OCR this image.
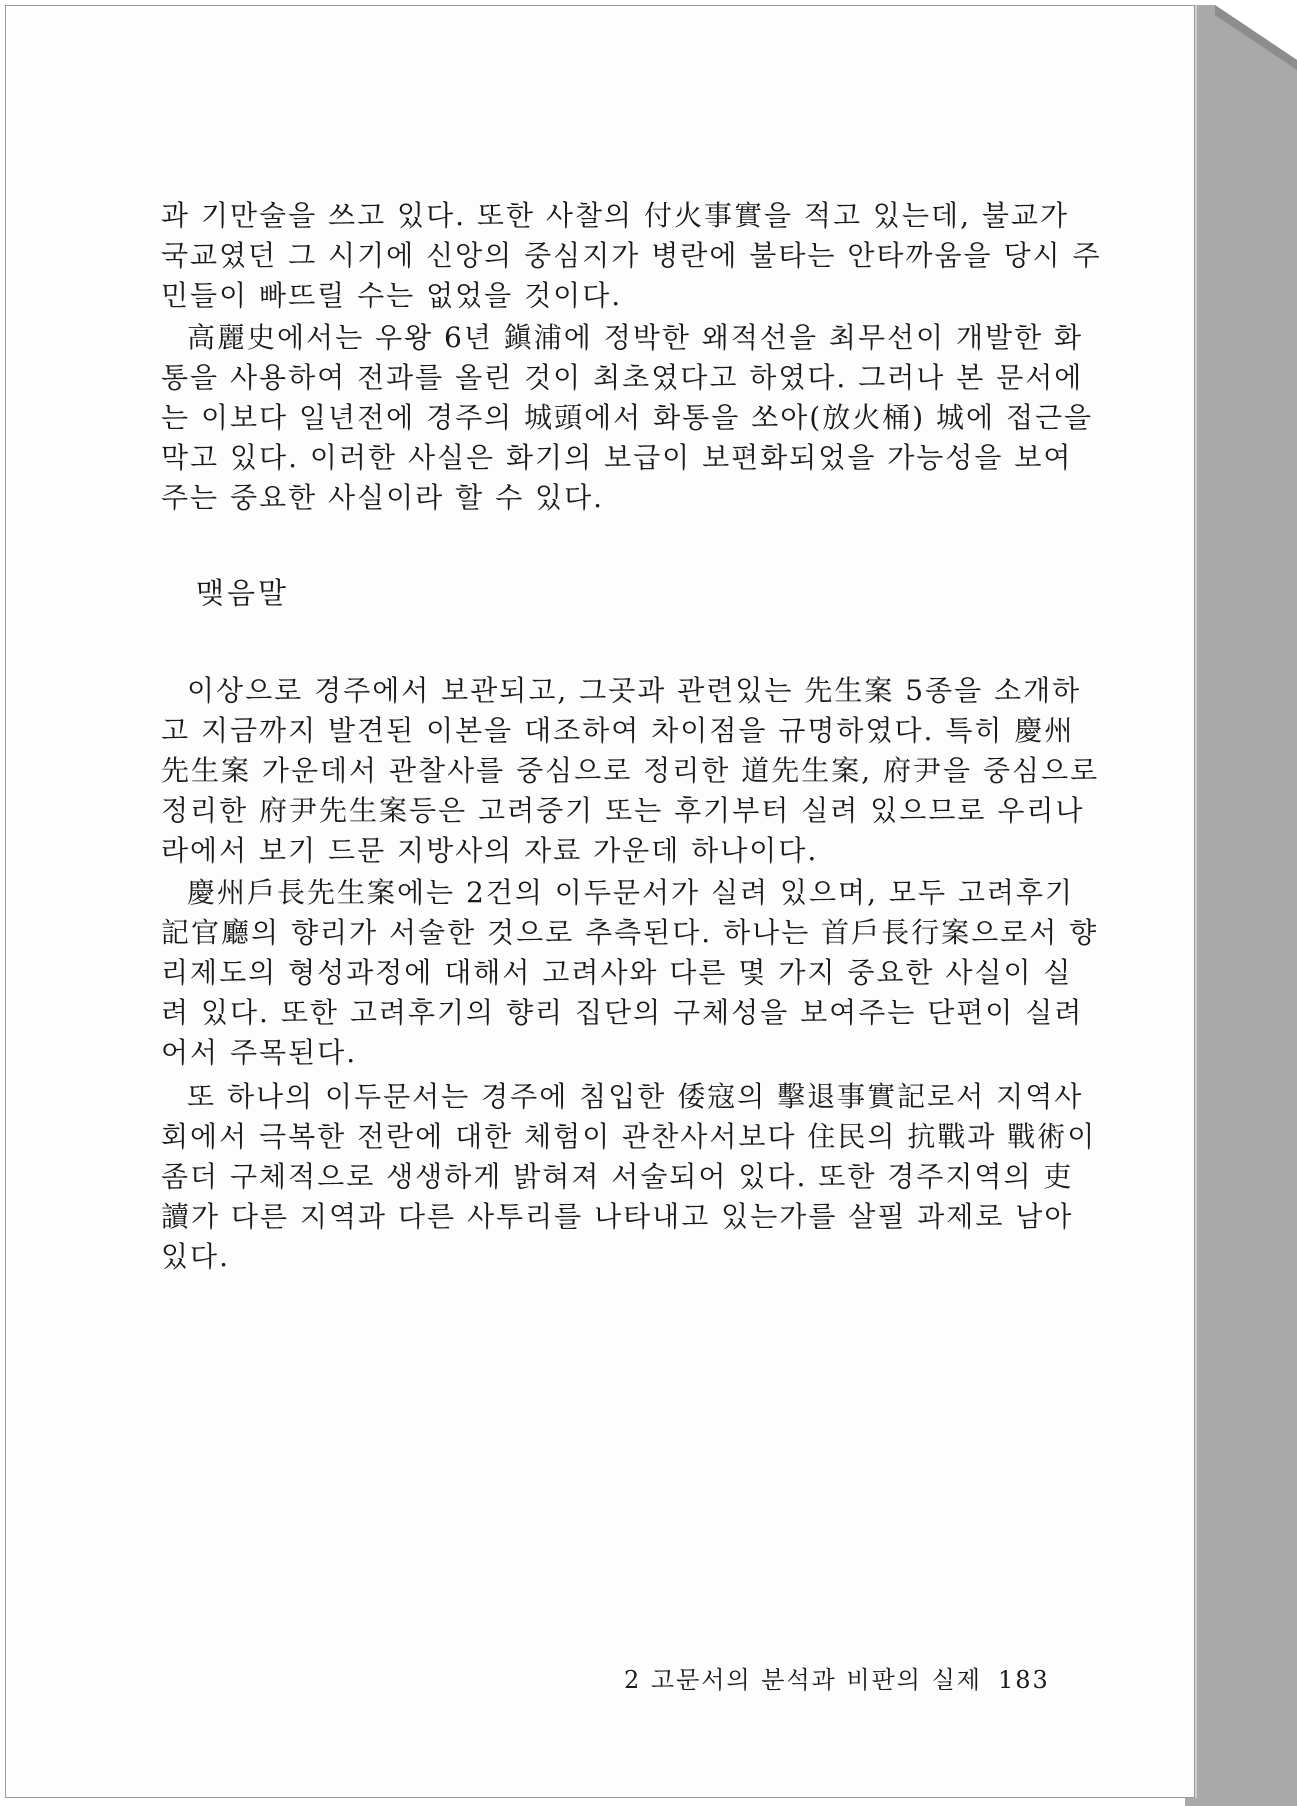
과 기만술을 쓰고 있다. 또한 사찰의 付火事實을 적고 있는데, 불교가
국교였던 그 시기에 신앙의 중심지가 병란에 불타는 안타까움을 당시 주
민들이 빠뜨릴 수는 없었을 것이다.
高麗史에서는 우왕 6년 鎭浦에 정박한 왜적선을 최무선이 개발한 화
통을 사용하여 전과를 올린 것이 최초였다고 하였다. 그러나 본 문서에
는 이보다 일년전에 경주의 城頭에서 화통을 쏘아(放火桶) 城에 접근을
막고 있다. 이러한 사실은 화기의 보급이 보편화되었을 가능성을 보여
주는 중요한 사실이라 할 수 있다.
맺음말
이상으로 경주에서 보관되고, 그곳과 관련있는 先生案 5종을 소개하
고 지금까지 발견된 이본을 대조하여 차이점을 규명하였다. 특히 慶州
先生案 가운데서 관찰사를 중심으로 정리한 道先生案, 府尹을 중심으로
정리한 府尹先生案등은 고려중기 또는 후기부터 실려 있으므로 우리나
라에서 보기 드문 지방사의 자료 가운데 하나이다.
慶州戶長先生案에는 2건의 이두문서가 실려 있으며, 모두 고려후기
記官廳의 향리가 서술한 것으로 추측된다. 하나는 首戶長行案으로서 향
리제도의 형성과정에 대해서 고려사와 다른 몇 가지 중요한 사실이 실
려 있다. 또한 고려후기의 향리 집단의 구체성을 보여주는 단편이 실려
어서 주목된다.
또 하나의 이두문서는 경주에 침입한 倭寇의 擊退事實記로서 지역사
회에서 극복한 전란에 대한 체험이 관찬사서보다 住民의 抗戰과 戰術이
좀더 구체적으로 생생하게 밝혀져 서술되어 있다. 또한 경주지역의 吏
讀가 다른 지역과 다른 사투리를 나타내고 있는가를 살필 과제로 남아
있다.
2 고문서의 분석과 비판의 실제 183
